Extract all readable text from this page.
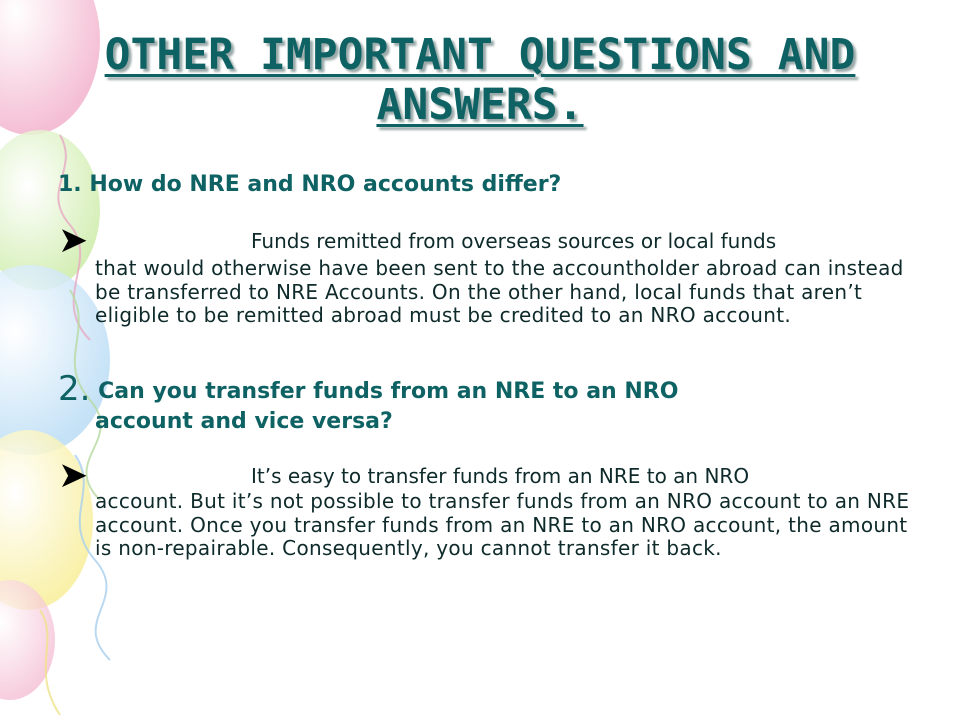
OTHER IMPORTANT QUESTIONS AND ANSWERS.

1. How do NRE and NRO accounts differ?

➤	Funds remitted from overseas sources or local funds

that would otherwise have been sent to the accountholder abroad can instead be transferred to NRE Accounts. On the other hand, local funds that aren’t eligible to be remitted abroad must be credited to an NRO account.

2. Can you transfer funds from an NRE to an NRO
account and vice versa?

➤	It’s easy to transfer funds from an NRE to an NRO

account. But it’s not possible to transfer funds from an NRO account to an NRE account. Once you transfer funds from an NRE to an NRO account, the amount is non-repairable. Consequently, you cannot transfer it back.
